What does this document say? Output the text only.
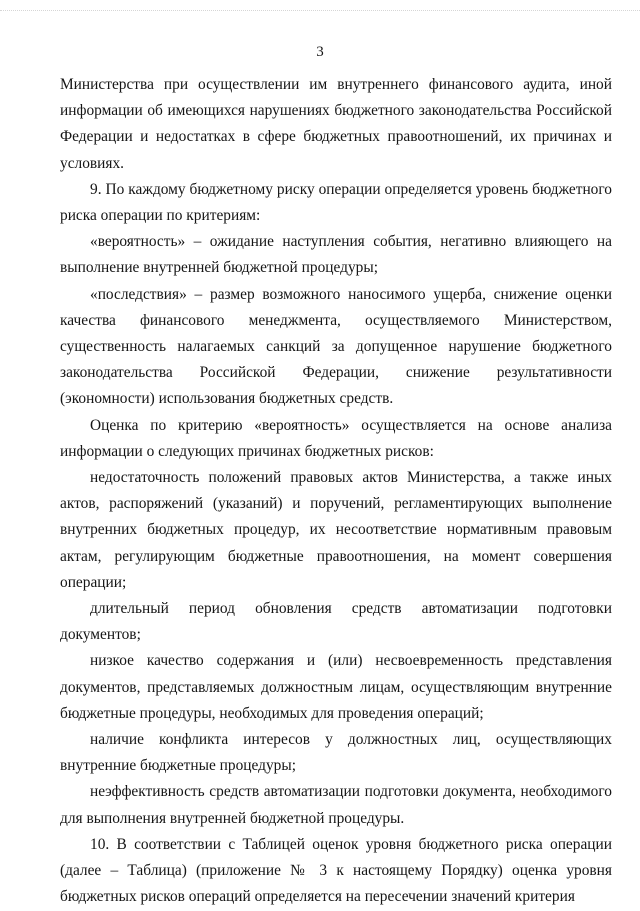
3

Министерства при осуществлении им внутреннего финансового аудита, иной информации об имеющихся нарушениях бюджетного законодательства Российской Федерации и недостатках в сфере бюджетных правоотношений, их причинах и условиях.

9. По каждому бюджетному риску операции определяется уровень бюджетного риска операции по критериям:

«вероятность» – ожидание наступления события, негативно влияющего на выполнение внутренней бюджетной процедуры;

«последствия» – размер возможного наносимого ущерба, снижение оценки качества финансового менеджмента, осуществляемого Министерством, существенность налагаемых санкций за допущенное нарушение бюджетного законодательства Российской Федерации, снижение результативности (экономности) использования бюджетных средств.

Оценка по критерию «вероятность» осуществляется на основе анализа информации о следующих причинах бюджетных рисков:

недостаточность положений правовых актов Министерства, а также иных актов, распоряжений (указаний) и поручений, регламентирующих выполнение внутренних бюджетных процедур, их несоответствие нормативным правовым актам, регулирующим бюджетные правоотношения, на момент совершения операции;

длительный период обновления средств автоматизации подготовки документов;

низкое качество содержания и (или) несвоевременность представления документов, представляемых должностным лицам, осуществляющим внутренние бюджетные процедуры, необходимых для проведения операций;

наличие конфликта интересов у должностных лиц, осуществляющих внутренние бюджетные процедуры;

неэффективность средств автоматизации подготовки документа, необходимого для выполнения внутренней бюджетной процедуры.

10. В соответствии с Таблицей оценок уровня бюджетного риска операции (далее – Таблица) (приложение № 3 к настоящему Порядку) оценка уровня бюджетных рисков операций определяется на пересечении значений критерия
